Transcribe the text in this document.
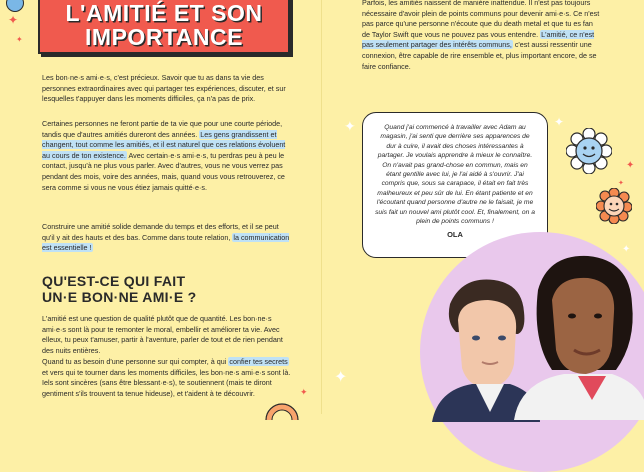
✦
✦
L'AMITIÉ ET SON
IMPORTANCE

Les bon·ne·s ami·e·s, c'est précieux. Savoir que tu as dans ta vie des personnes extraordinaires avec qui partager tes expériences, discuter, et sur lesquelles t'appuyer dans les moments difficiles, ça n'a pas de prix.

Certaines personnes ne feront partie de ta vie que pour une courte période, tandis que d'autres amitiés dureront des années. Les gens grandissent et changent, tout comme les amitiés, et il est naturel que ces relations évoluent au cours de ton existence. Avec certain·e·s ami·e·s, tu perdras peu à peu le contact, jusqu'à ne plus vous parler. Avec d'autres, vous ne vous verrez pas pendant des mois, voire des années, mais, quand vous vous retrouverez, ce sera comme si vous ne vous étiez jamais quitté·e·s.

Construire une amitié solide demande du temps et des efforts, et il se peut qu'il y ait des hauts et des bas. Comme dans toute relation, la communication est essentielle !

QU'EST-CE QUI FAIT
UN·E BON·NE AMI·E ?

L'amitié est une question de qualité plutôt que de quantité. Les bon·ne·s ami·e·s sont là pour te remonter le moral, embellir et améliorer ta vie. Avec elleux, tu peux t'amuser, partir à l'aventure, parler de tout et de rien pendant des nuits entières.

Quand tu as besoin d'une personne sur qui compter, à qui confier tes secrets et vers qui te tourner dans les moments difficiles, les bon·ne·s ami·e·s sont là. Iels sont sincères (sans être blessant·e·s), te soutiennent (mais te diront gentiment s'ils trouvent ta tenue hideuse), et t'aident à te découvrir.	✦

Parfois, les amitiés naissent de manière inattendue. Il n'est pas toujours nécessaire d'avoir plein de points communs pour devenir ami·e·s. Ce n'est pas parce qu'une personne n'écoute que du death metal et que tu es fan de Taylor Swift que vous ne pouvez pas vous entendre. L'amitié, ce n'est pas seulement partager des intérêts communs, c'est aussi ressentir une connexion, être capable de rire ensemble et, plus important encore, de se faire confiance.

✦	✦

Quand j'ai commencé à travailler avec Adam au magasin, j'ai senti que derrière ses apparences de dur à cuire, il avait des choses intéressantes à partager. Je voulais apprendre à mieux le connaître. On n'avait pas grand-chose en commun, mais en étant gentille avec lui, je l'ai aidé à s'ouvrir. J'ai compris que, sous sa carapace, il était en fait très malheureux et peu sûr de lui. En étant patiente et en l'écoutant quand personne d'autre ne le faisait, je me suis fait un nouvel ami plutôt cool. Et, finalement, on a plein de points communs !

OLA

✦
✦
✦
✦
